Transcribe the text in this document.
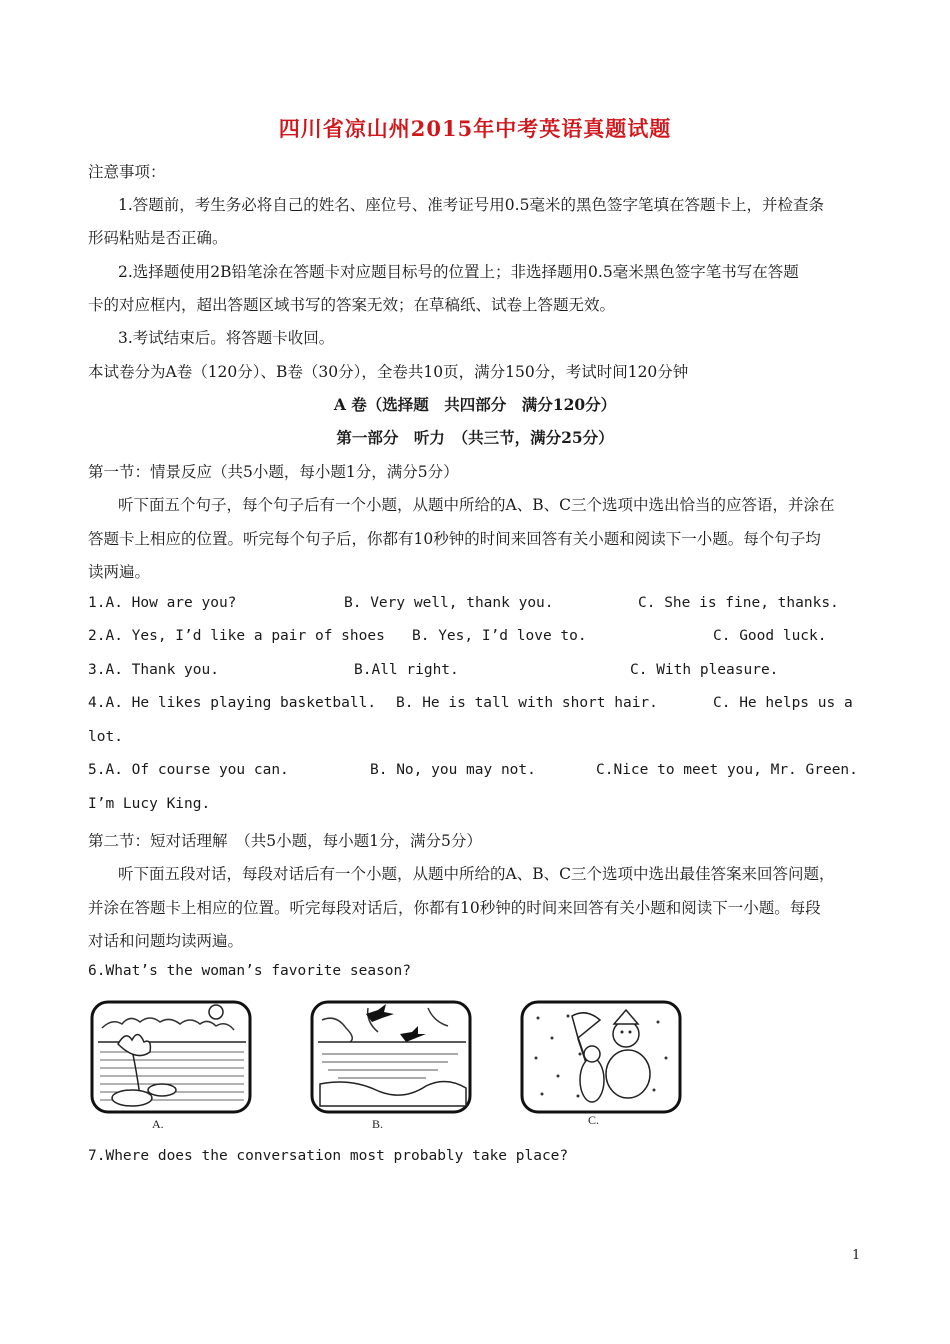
四川省凉山州2015年中考英语真题试题
注意事项：
1.答题前，考生务必将自己的姓名、座位号、准考证号用0.5毫米的黑色签字笔填在答题卡上，并检查条
形码粘贴是否正确。
2.选择题使用2B铅笔涂在答题卡对应题目标号的位置上；非选择题用0.5毫米黑色签字笔书写在答题
卡的对应框内，超出答题区域书写的答案无效；在草稿纸、试卷上答题无效。
3.考试结束后。将答题卡收回。
本试卷分为A卷（120分）、B卷（30分），全卷共10页，满分150分，考试时间120分钟
A 卷（选择题　共四部分　满分120分）
第一部分　听力　（共三节，满分25分）
第一节：情景反应（共5小题，每小题1分，满分5分）
听下面五个句子，每个句子后有一个小题，从题中所给的A、B、C三个选项中选出恰当的应答语，并涂在
答题卡上相应的位置。听完每个句子后，你都有10秒钟的时间来回答有关小题和阅读下一小题。每个句子均
读两遍。
1.A. How are you?	B. Very well, thank you.	C. She is fine, thanks.
2.A. Yes, I’d like a pair of shoes B. Yes, I’d love to.	C. Good luck.
3.A. Thank you.	B.All right.	C. With pleasure.
4.A. He likes playing basketball. B. He is tall with short hair.	C. He helps us a
lot.
5.A. Of course you can.	B. No, you may not.	C.Nice to meet you, Mr. Green.
I’m Lucy King.
第二节：短对话理解　（共5小题，每小题1分，满分5分）
听下面五段对话，每段对话后有一个小题，从题中所给的A、B、C三个选项中选出最佳答案来回答问题，
并涂在答题卡上相应的位置。听完每段对话后，你都有10秒钟的时间来回答有关小题和阅读下一小题。每段
对话和问题均读两遍。
6.What’s the woman’s favorite season?
A.	B.	C.
7.Where does the conversation most probably take place?
1
